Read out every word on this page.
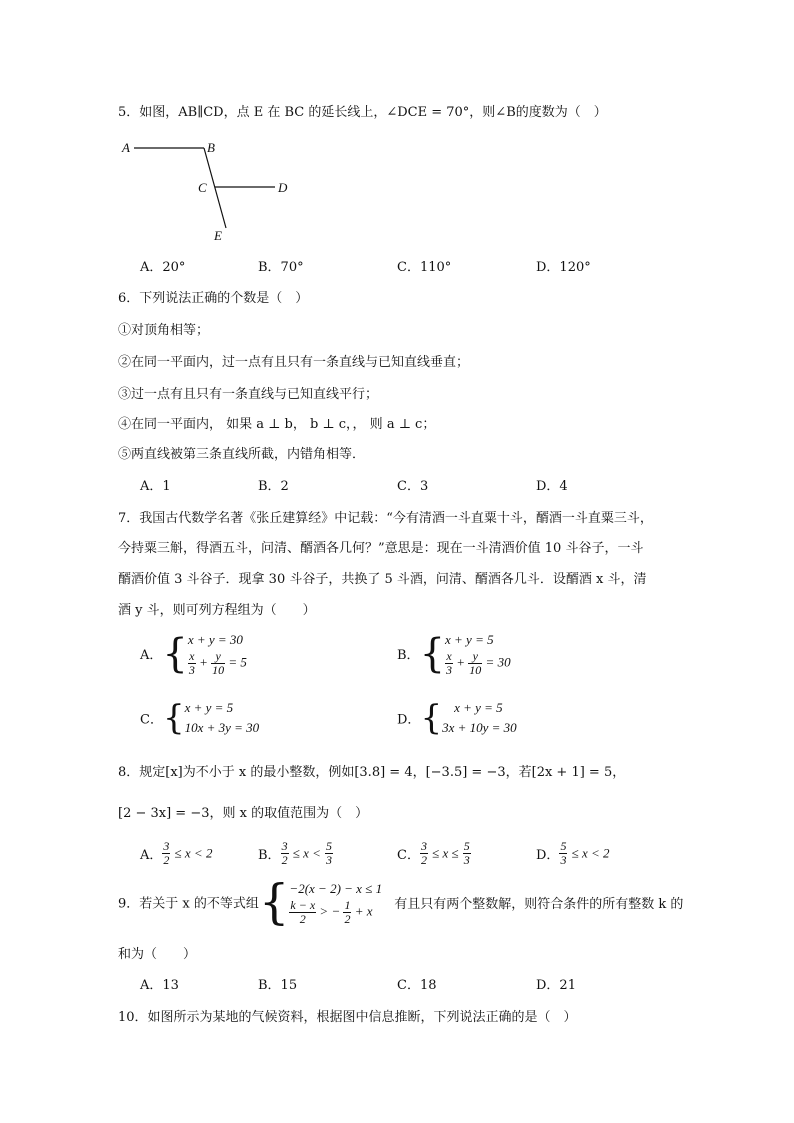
5．如图，AB∥CD，点 E 在 BC 的延长线上，∠DCE = 70°，则∠B的度数为（　）
A	B
C	D
E
A．20°	B．70°	C．110°	D．120°
6．下列说法正确的个数是（　）
①对顶角相等；
②在同一平面内，过一点有且只有一条直线与已知直线垂直；
③过一点有且只有一条直线与已知直线平行；
④在同一平面内， 如果 a ⊥ b， b ⊥ c，， 则 a ⊥ c；
⑤两直线被第三条直线所截，内错角相等．
A．1	B．2	C．3	D．4
7．我国古代数学名著《张丘建算经》中记载：“今有清酒一斗直粟十斗，醑酒一斗直粟三斗，
今持粟三斛，得酒五斗，问清、醑酒各几何？”意思是：现在一斗清酒价值 10 斗谷子，一斗
醑酒价值 3 斗谷子．现拿 30 斗谷子，共换了 5 斗酒，问清、醑酒各几斗．设醑酒 x 斗，清
酒 y 斗，则可列方程组为（　　）
A．{ x + y = 30
$\frac{x}{3} + \frac{y}{10} = 5$	B．{ x + y = 5
$\frac{x}{3} + \frac{y}{10} = 30$
C．{ x + y = 5
10x + 3y = 30	D．{ x + y = 5
3x + 10y = 30
8．规定[x]为不小于 x 的最小整数，例如[3.8] = 4，[−3.5] = −3，若[2x + 1] = 5，
[2 − 3x] = −3，则 x 的取值范围为（　）
A． $\frac{3}{2} \le x < 2$	B． $\frac{3}{2} \le x < \frac{5}{3}$	C． $\frac{3}{2} \le x \le \frac{5}{3}$	D． $\frac{5}{3} \le x < 2$
9．若关于 x 的不等式组{ −2(x − 2) − x ≤ 1
$\frac{k - x}{2}$ > − $\frac{1}{2} + x$	有且只有两个整数解，则符合条件的所有整数 k 的
和为（　　）
A．13	B．15	C．18	D．21
10．如图所示为某地的气候资料，根据图中信息推断，下列说法正确的是（　）
